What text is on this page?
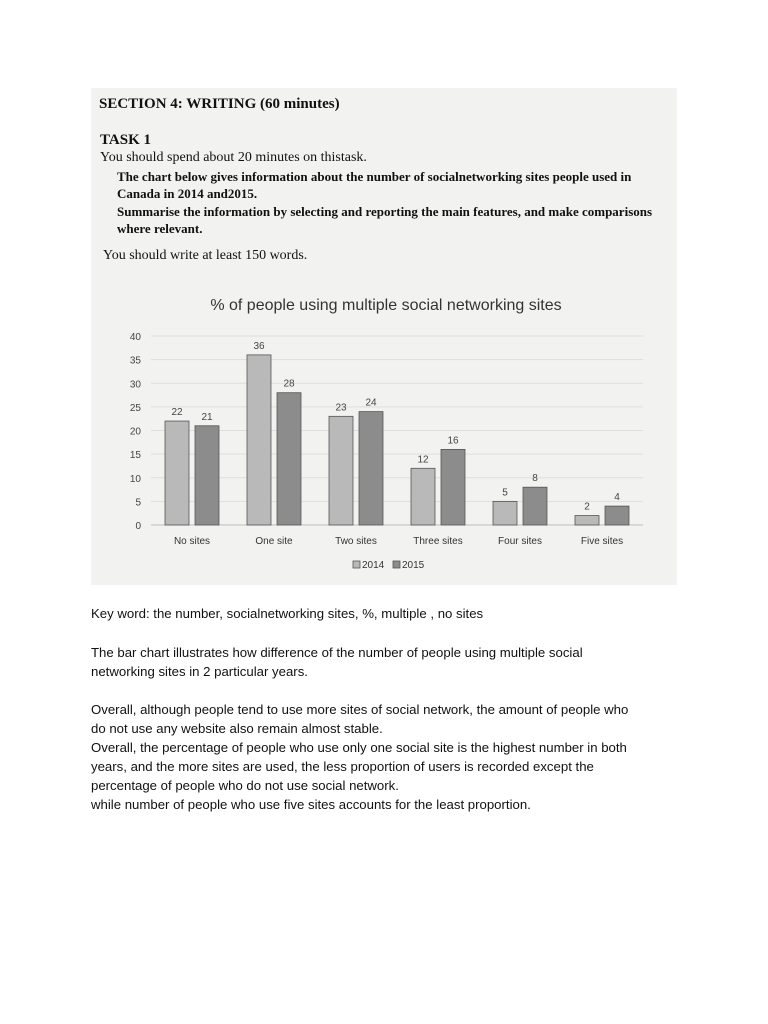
SECTION 4: WRITING (60 minutes)
TASK 1
You should spend about 20 minutes on thistask.
The chart below gives information about the number of socialnetworking sites people used in Canada in 2014 and2015.
Summarise the information by selecting and reporting the main features, and make comparisons where relevant.
You should write at least 150 words.
% of people using multiple social networking sites
0
5
10
15
20
25
30
35
40
22 21
36
28
23 24
12
16
5
8
2
4
No sites	One site	Two sites	Three sites	Four sites	Five sites
2014 2015
Key word: the number, socialnetworking sites, %, multiple , no sites
The bar chart illustrates how difference of the number of people using multiple social
networking sites in 2 particular years.
Overall, although people tend to use more sites of social network, the amount of people who
do not use any website also remain almost stable.
Overall, the percentage of people who use only one social site is the highest number in both
years, and the more sites are used, the less proportion of users is recorded except the
percentage of people who do not use social network.
while number of people who use five sites accounts for the least proportion.
